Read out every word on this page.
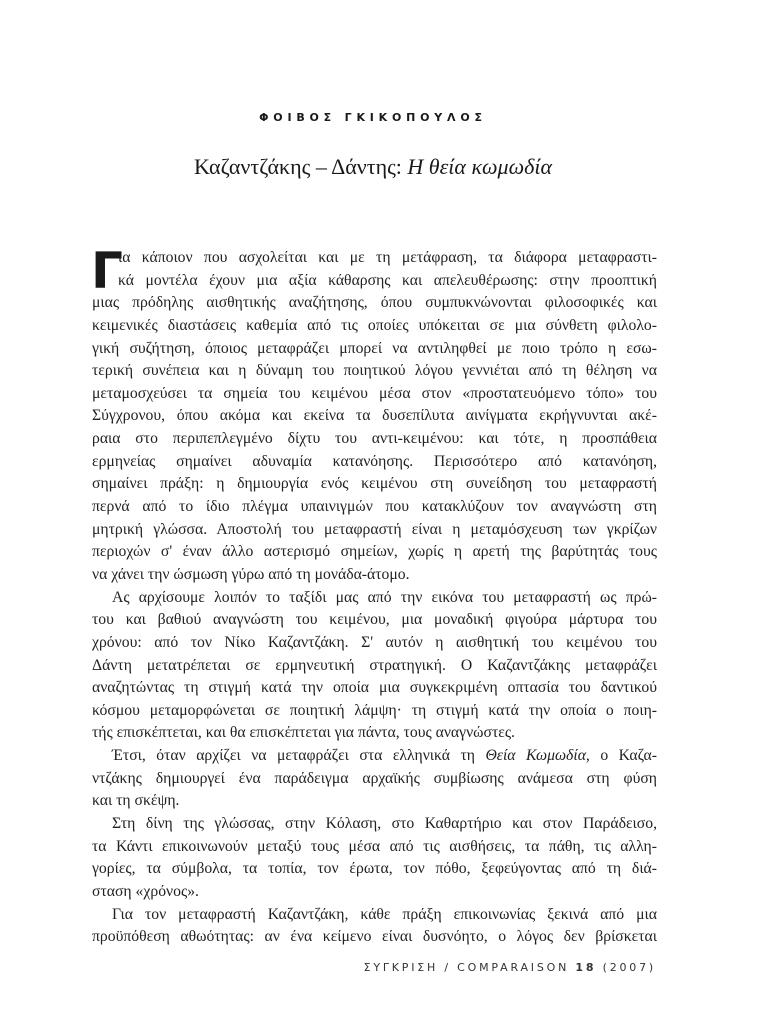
ΦΟΙΒΟΣ ΓΚΙΚΟΠΟΥΛΟΣ
Καζαντζάκης – Δάντης: Η θεία κωμωδία
Γ
ια κάποιον που ασχολείται και με τη μετάφραση, τα διάφορα μεταφραστι-
κά μοντέλα έχουν μια αξία κάθαρσης και απελευθέρωσης: στην προοπτική
μιας πρόδηλης αισθητικής αναζήτησης, όπου συμπυκνώνονται φιλοσοφικές και
κειμενικές διαστάσεις καθεμία από τις οποίες υπόκειται σε μια σύνθετη φιλολο-
γική συζήτηση, όποιος μεταφράζει μπορεί να αντιληφθεί με ποιο τρόπο η εσω-
τερική συνέπεια και η δύναμη του ποιητικού λόγου γεννιέται από τη θέληση να
μεταμοσχεύσει τα σημεία του κειμένου μέσα στον «προστατευόμενο τόπο» του
Σύγχρονου, όπου ακόμα και εκείνα τα δυσεπίλυτα αινίγματα εκρήγνυνται ακέ-
ραια στο περιπεπλεγμένο δίχτυ του αντι-κειμένου: και τότε, η προσπάθεια
ερμηνείας σημαίνει αδυναμία κατανόησης. Περισσότερο από κατανόηση,
σημαίνει πράξη: η δημιουργία ενός κειμένου στη συνείδηση του μεταφραστή
περνά από το ίδιο πλέγμα υπαινιγμών που κατακλύζουν τον αναγνώστη στη
μητρική γλώσσα. Αποστολή του μεταφραστή είναι η μεταμόσχευση των γκρίζων
περιοχών σ' έναν άλλο αστερισμό σημείων, χωρίς η αρετή της βαρύτητάς τους
να χάνει την ώσμωση γύρω από τη μονάδα-άτομο.
Ας αρχίσουμε λοιπόν το ταξίδι μας από την εικόνα του μεταφραστή ως πρώ-
του και βαθιού αναγνώστη του κειμένου, μια μοναδική φιγούρα μάρτυρα του
χρόνου: από τον Νίκο Καζαντζάκη. Σ' αυτόν η αισθητική του κειμένου του
Δάντη μετατρέπεται σε ερμηνευτική στρατηγική. Ο Καζαντζάκης μεταφράζει
αναζητώντας τη στιγμή κατά την οποία μια συγκεκριμένη οπτασία του δαντικού
κόσμου μεταμορφώνεται σε ποιητική λάμψη· τη στιγμή κατά την οποία ο ποιη-
τής επισκέπτεται, και θα επισκέπτεται για πάντα, τους αναγνώστες.
Έτσι, όταν αρχίζει να μεταφράζει στα ελληνικά τη Θεία Κωμωδία, ο Καζα-
ντζάκης δημιουργεί ένα παράδειγμα αρχαϊκής συμβίωσης ανάμεσα στη φύση
και τη σκέψη.
Στη δίνη της γλώσσας, στην Κόλαση, στο Καθαρτήριο και στον Παράδεισο,
τα Κάντι επικοινωνούν μεταξύ τους μέσα από τις αισθήσεις, τα πάθη, τις αλλη-
γορίες, τα σύμβολα, τα τοπία, τον έρωτα, τον πόθο, ξεφεύγοντας από τη διά-
σταση «χρόνος».
Για τον μεταφραστή Καζαντζάκη, κάθε πράξη επικοινωνίας ξεκινά από μια
προϋπόθεση αθωότητας: αν ένα κείμενο είναι δυσνόητο, ο λόγος δεν βρίσκεται
ΣΥΓΚΡΙΣΗ / COMPARAISON 18 (2007)
